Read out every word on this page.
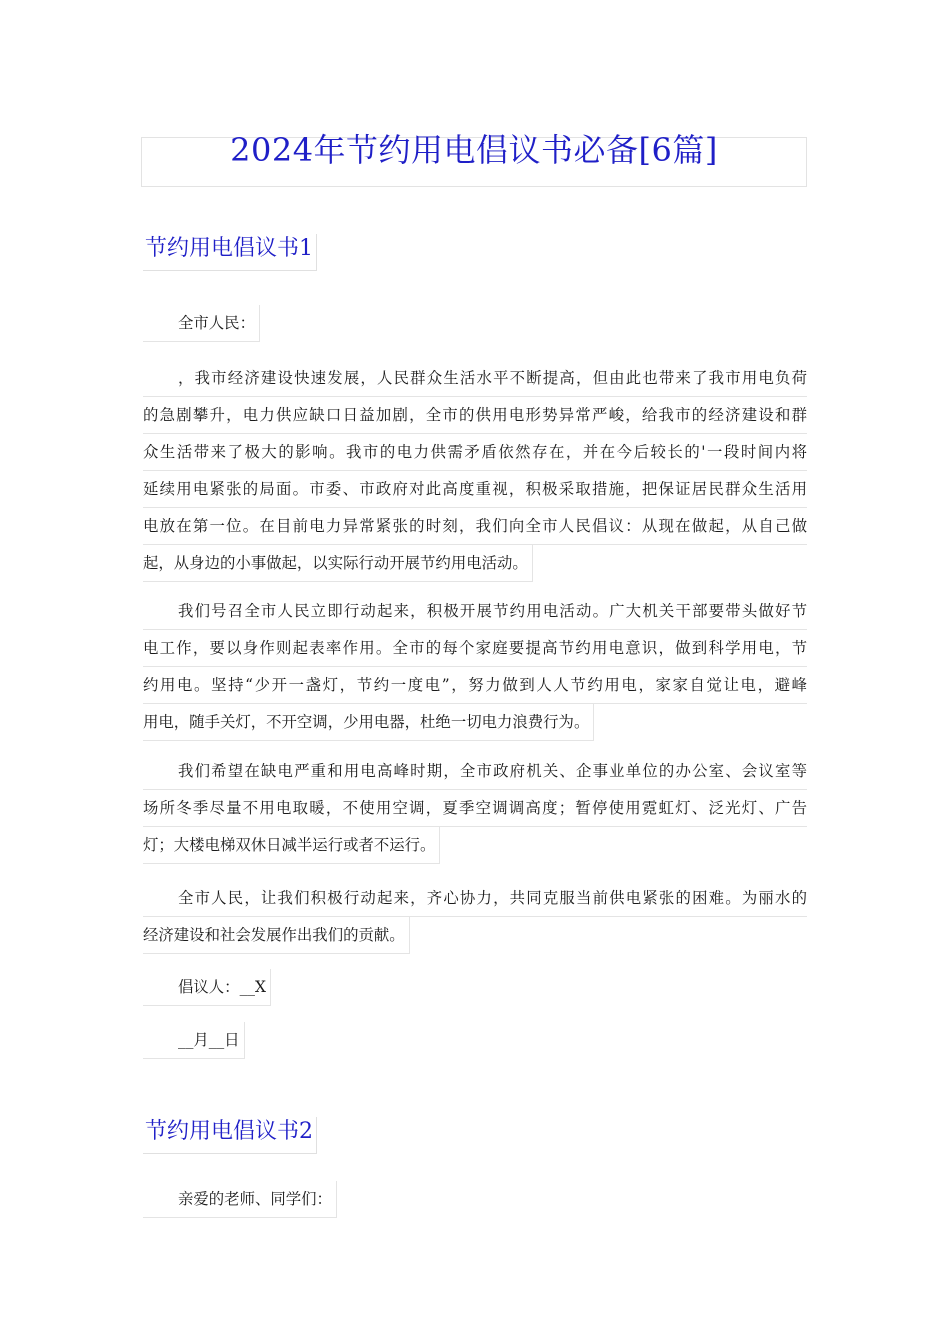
2024年节约用电倡议书必备[6篇]
节约用电倡议书1

全市人民：

，我市经济建设快速发展，人民群众生活水平不断提高，但由此也带来了我市用电负荷
的急剧攀升，电力供应缺口日益加剧，全市的供用电形势异常严峻，给我市的经济建设和群
众生活带来了极大的影响。我市的电力供需矛盾依然存在，并在今后较长的'一段时间内将
延续用电紧张的局面。市委、市政府对此高度重视，积极采取措施，把保证居民群众生活用
电放在第一位。在目前电力异常紧张的时刻，我们向全市人民倡议：从现在做起，从自己做
起，从身边的小事做起，以实际行动开展节约用电活动。
我们号召全市人民立即行动起来，积极开展节约用电活动。广大机关干部要带头做好节
电工作，要以身作则起表率作用。全市的每个家庭要提高节约用电意识，做到科学用电，节
约用电。坚持“少开一盏灯，节约一度电”，努力做到人人节约用电，家家自觉让电，避峰
用电，随手关灯，不开空调，少用电器，杜绝一切电力浪费行为。
我们希望在缺电严重和用电高峰时期，全市政府机关、企事业单位的办公室、会议室等
场所冬季尽量不用电取暖，不使用空调，夏季空调调高度；暂停使用霓虹灯、泛光灯、广告
灯；大楼电梯双休日减半运行或者不运行。
全市人民，让我们积极行动起来，齐心协力，共同克服当前供电紧张的困难。为丽水的
经济建设和社会发展作出我们的贡献。

倡议人：__X

__月__日

节约用电倡议书2

亲爱的老师、同学们：
